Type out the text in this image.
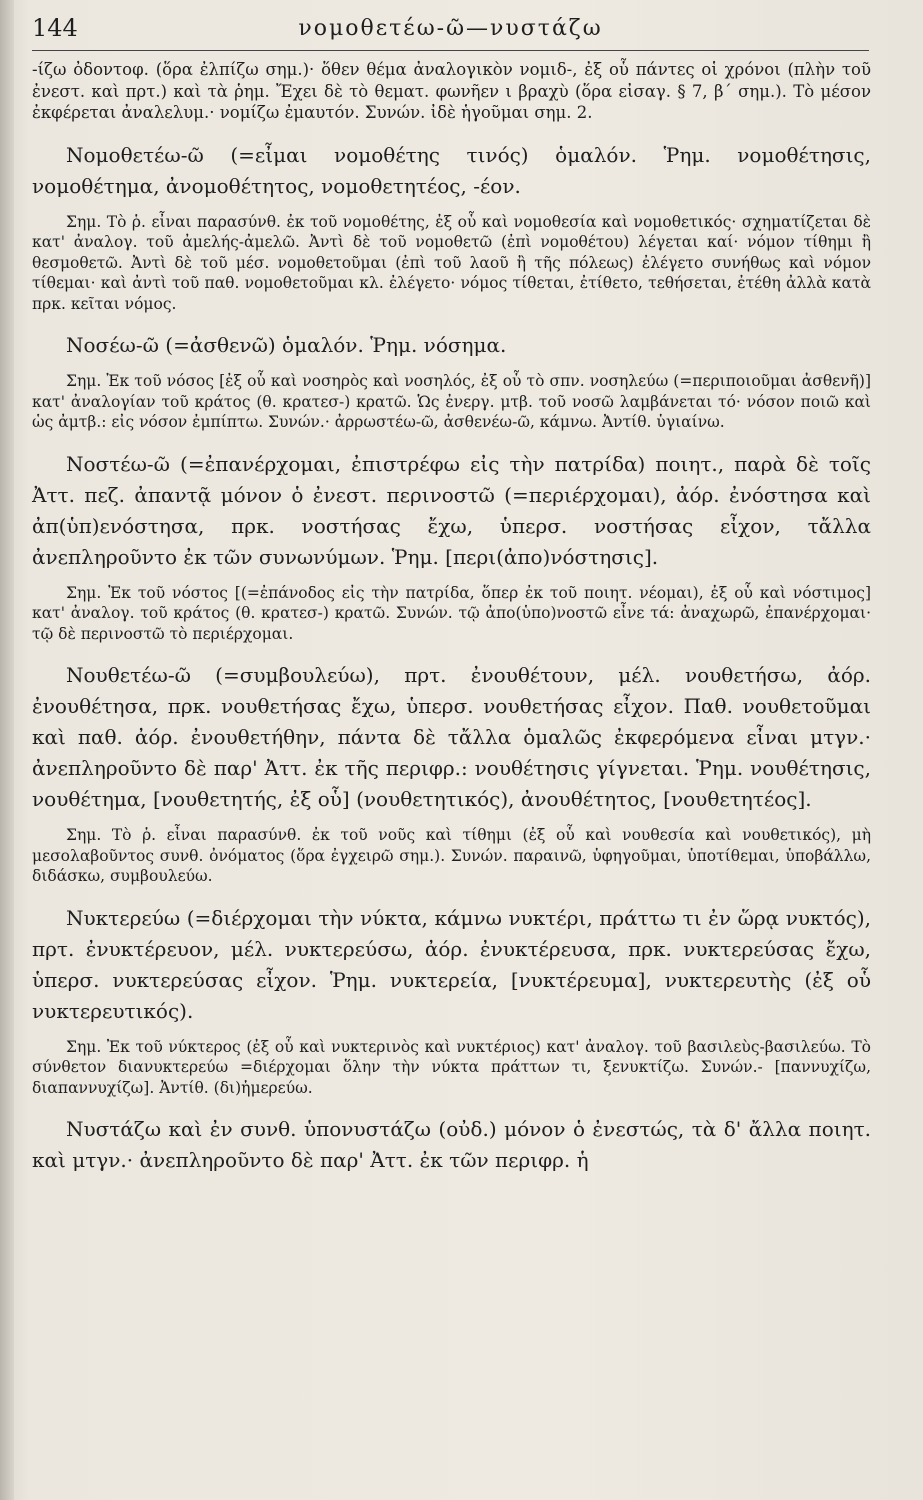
144	νομοθετέω-ῶ—νυστάζω

-ίζω ὀδοντοφ. (ὅρα ἐλπίζω σημ.)· ὅθεν θέμα ἀναλογικὸν νομιδ-, ἐξ οὗ πάντες οἱ χρόνοι (πλὴν τοῦ ἐνεστ. καὶ πρτ.) καὶ τὰ ῥημ. Ἔχει δὲ τὸ θεματ. φωνῆεν ι βραχὺ (ὅρα εἰσαγ. § 7, β΄ σημ.). Τὸ μέσον ἐκφέρεται ἀναλελυμ.· νομίζω ἐμαυτόν. Συνών. ἰδὲ ἡγοῦμαι σημ. 2.

Νομοθετέω-ῶ (=εἶμαι νομοθέτης τινός) ὁμαλόν. Ῥημ. νομοθέτησις, νομοθέτημα, ἀνομοθέτητος, νομοθετητέος, -έον.

Σημ. Τὸ ῥ. εἶναι παρασύνθ. ἐκ τοῦ νομοθέτης, ἐξ οὗ καὶ νομοθεσία καὶ νομοθετικός· σχηματίζεται δὲ κατ' ἀναλογ. τοῦ ἀμελής-ἀμελῶ. Ἀντὶ δὲ τοῦ νομοθετῶ (ἐπὶ νομοθέτου) λέγεται καί· νόμον τίθημι ἢ θεσμοθετῶ. Ἀντὶ δὲ τοῦ μέσ. νομοθετοῦμαι (ἐπὶ τοῦ λαοῦ ἢ τῆς πόλεως) ἐλέγετο συνήθως καὶ νόμον τίθεμαι· καὶ ἀντὶ τοῦ παθ. νομοθετοῦμαι κλ. ἐλέγετο· νόμος τίθεται, ἐτίθετο, τεθήσεται, ἐτέθη ἀλλὰ κατὰ πρκ. κεῖται νόμος.

Νοσέω-ῶ (=ἀσθενῶ) ὁμαλόν. Ῥημ. νόσημα.

Σημ. Ἐκ τοῦ νόσος [ἐξ οὗ καὶ νοσηρὸς καὶ νοσηλός, ἐξ οὗ τὸ σπν. νοσηλεύω (=περιποιοῦμαι ἀσθενῆ)] κατ' ἀναλογίαν τοῦ κράτος (θ. κρατεσ-) κρατῶ. Ὡς ἐνεργ. μτβ. τοῦ νοσῶ λαμβάνεται τό· νόσον ποιῶ καὶ ὡς ἀμτβ.: εἰς νόσον ἐμπίπτω. Συνών.· ἀρρωστέω-ῶ, ἀσθενέω-ῶ, κάμνω. Ἀντίθ. ὑγιαίνω.

Νοστέω-ῶ (=ἐπανέρχομαι, ἐπιστρέφω εἰς τὴν πατρίδα) ποιητ., παρὰ δὲ τοῖς Ἀττ. πεζ. ἀπαντᾷ μόνον ὁ ἐνεστ. περινοστῶ (=περιέρχομαι), ἀόρ. ἐνόστησα καὶ ἀπ(ὑπ)ενόστησα, πρκ. νοστήσας ἔχω, ὑπερσ. νοστήσας εἶχον, τἄλλα ἀνεπληροῦντο ἐκ τῶν συνωνύμων. Ῥημ. [περι(ἀπο)νόστησις].

Σημ. Ἐκ τοῦ νόστος [(=ἐπάνοδος εἰς τὴν πατρίδα, ὅπερ ἐκ τοῦ ποιητ. νέομαι), ἐξ οὗ καὶ νόστιμος] κατ' ἀναλογ. τοῦ κράτος (θ. κρατεσ-) κρατῶ. Συνών. τῷ ἀπο(ὑπο)νοστῶ εἶνε τά: ἀναχωρῶ, ἐπανέρχομαι· τῷ δὲ περινοστῶ τὸ περιέρχομαι.

Νουθετέω-ῶ (=συμβουλεύω), πρτ. ἐνουθέτουν, μέλ. νουθετήσω, ἀόρ. ἐνουθέτησα, πρκ. νουθετήσας ἔχω, ὑπερσ. νουθετήσας εἶχον. Παθ. νουθετοῦμαι καὶ παθ. ἀόρ. ἐνουθετήθην, πάντα δὲ τἄλλα ὁμαλῶς ἐκφερόμενα εἶναι μτγν.· ἀνεπληροῦντο δὲ παρ' Ἀττ. ἐκ τῆς περιφρ.: νουθέτησις γίγνεται. Ῥημ. νουθέτησις, νουθέτημα, [νουθετητής, ἐξ οὗ] (νουθετητικός), ἀνουθέτητος, [νουθετητέος].

Σημ. Τὸ ῥ. εἶναι παρασύνθ. ἐκ τοῦ νοῦς καὶ τίθημι (ἐξ οὗ καὶ νουθεσία καὶ νουθετικός), μὴ μεσολαβοῦντος συνθ. ὀνόματος (ὅρα ἐγχειρῶ σημ.). Συνών. παραινῶ, ὑφηγοῦμαι, ὑποτίθεμαι, ὑποβάλλω, διδάσκω, συμβουλεύω.

Νυκτερεύω (=διέρχομαι τὴν νύκτα, κάμνω νυκτέρι, πράττω τι ἐν ὥρᾳ νυκτός), πρτ. ἐνυκτέρευον, μέλ. νυκτερεύσω, ἀόρ. ἐνυκτέρευσα, πρκ. νυκτερεύσας ἔχω, ὑπερσ. νυκτερεύσας εἶχον. Ῥημ. νυκτερεία, [νυκτέρευμα], νυκτερευτὴς (ἐξ οὗ νυκτερευτικός).

Σημ. Ἐκ τοῦ νύκτερος (ἐξ οὗ καὶ νυκτερινὸς καὶ νυκτέριος) κατ' ἀναλογ. τοῦ βασιλεὺς-βασιλεύω. Τὸ σύνθετον διανυκτερεύω =διέρχομαι ὅλην τὴν νύκτα πράττων τι, ξενυκτίζω. Συνών.- [παννυχίζω, διαπαννυχίζω]. Ἀντίθ. (δι)ἡμερεύω.

Νυστάζω καὶ ἐν συνθ. ὑπονυστάζω (οὐδ.) μόνον ὁ ἐνεστώς, τὰ δ' ἄλλα ποιητ. καὶ μτγν.· ἀνεπληροῦντο δὲ παρ' Ἀττ. ἐκ τῶν περιφρ. ἡ
